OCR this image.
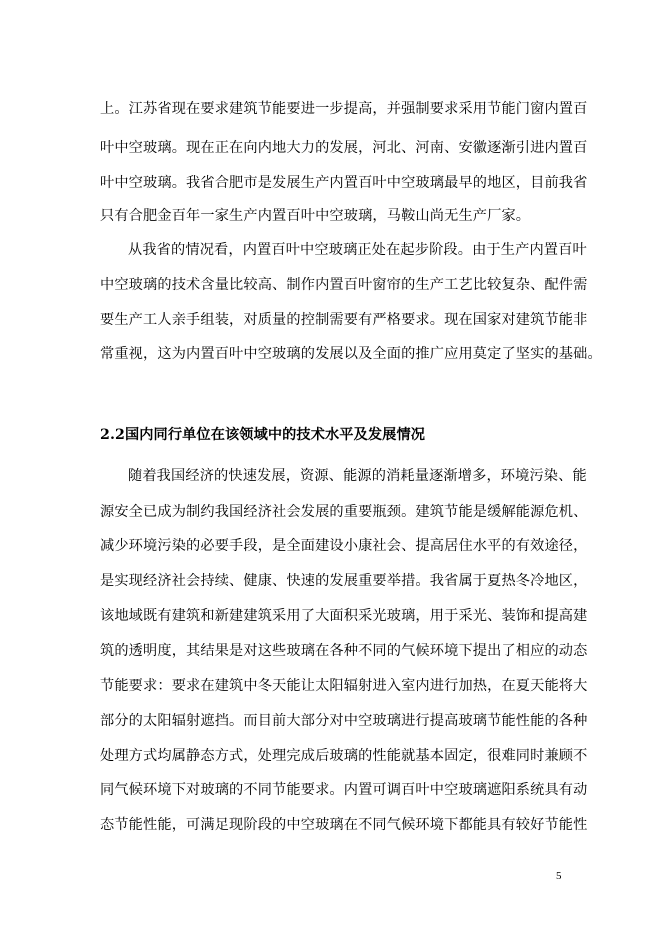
上。江苏省现在要求建筑节能要进一步提高，并强制要求采用节能门窗内置百
叶中空玻璃。现在正在向内地大力的发展，河北、河南、安徽逐渐引进内置百
叶中空玻璃。我省合肥市是发展生产内置百叶中空玻璃最早的地区，目前我省
只有合肥金百年一家生产内置百叶中空玻璃，马鞍山尚无生产厂家。
从我省的情况看，内置百叶中空玻璃正处在起步阶段。由于生产内置百叶
中空玻璃的技术含量比较高、制作内置百叶窗帘的生产工艺比较复杂、配件需
要生产工人亲手组装，对质量的控制需要有严格要求。现在国家对建筑节能非
常重视，这为内置百叶中空玻璃的发展以及全面的推广应用莫定了坚实的基础。
2.2国内同行单位在该领域中的技术水平及发展情况
随着我国经济的快速发展，资源、能源的消耗量逐渐增多，环境污染、能
源安全已成为制约我国经济社会发展的重要瓶颈。建筑节能是缓解能源危机、
减少环境污染的必要手段，是全面建设小康社会、提高居住水平的有效途径，
是实现经济社会持续、健康、快速的发展重要举措。我省属于夏热冬冷地区，
该地域既有建筑和新建建筑采用了大面积采光玻璃，用于采光、装饰和提高建
筑的透明度，其结果是对这些玻璃在各种不同的气候环境下提出了相应的动态
节能要求：要求在建筑中冬天能让太阳辐射进入室内进行加热，在夏天能将大
部分的太阳辐射遮挡。而目前大部分对中空玻璃进行提高玻璃节能性能的各种
处理方式均属静态方式，处理完成后玻璃的性能就基本固定，很难同时兼顾不
同气候环境下对玻璃的不同节能要求。内置可调百叶中空玻璃遮阳系统具有动
态节能性能，可满足现阶段的中空玻璃在不同气候环境下都能具有较好节能性
5
